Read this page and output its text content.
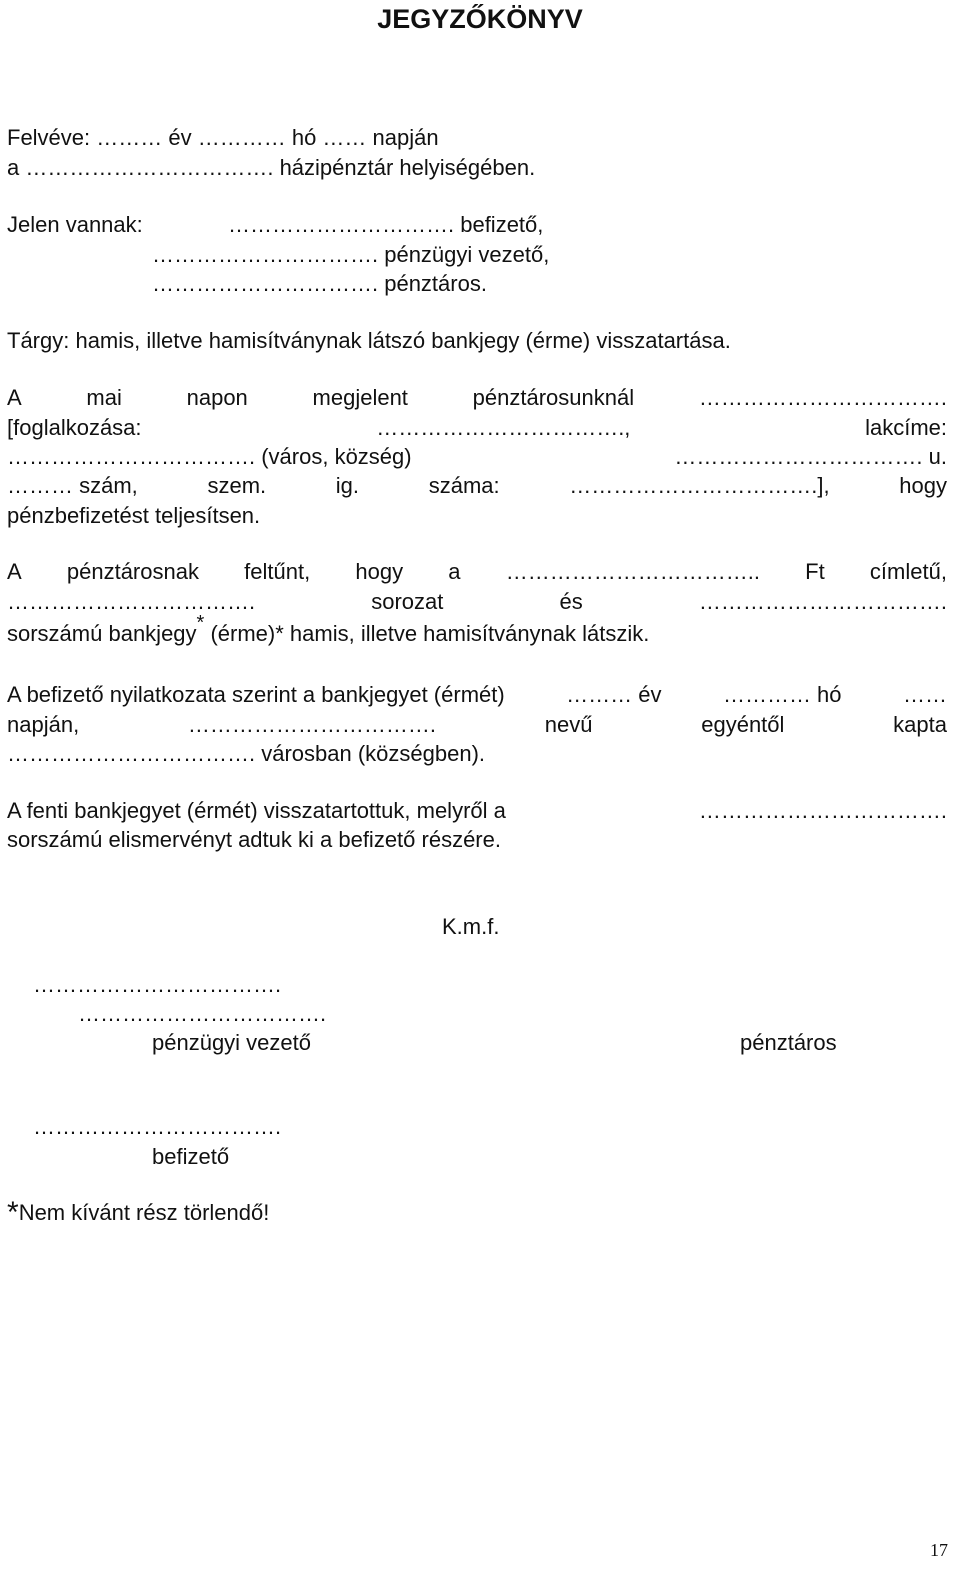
JEGYZŐKÖNYV
Felvéve: ……… év ………… hó …… napján
a ……………………………. házipénztár helyiségében.
Jelen vannak:	…………………………. befizető,
…………………………. pénzügyi vezető,
…………………………. pénztáros.
Tárgy: hamis, illetve hamisítványnak látszó bankjegy (érme) visszatartása.
A	mai	napon	megjelent	pénztárosunknál	…………………………….
[foglalkozása:	…………………………….,	lakcíme:
……………………………. (város, község)	……………………………. u.
……… szám,	szem.	ig.	száma:	…………………………….],	hogy
pénzbefizetést teljesítsen.
A pénztárosnak feltűnt, hogy a …………………………….. Ft címletű,
…………………………….	sorozat	és	…………………………….
sorszámú bankjegy* (érme)* hamis, illetve hamisítványnak látszik.
A befizető nyilatkozata szerint a bankjegyet (érmét)	……… év	………… hó	……
napján,	…………………………….	nevű	egyéntől	kapta
……………………………. városban (községben).
A fenti bankjegyet (érmét) visszatartottuk, melyről a	…………………………….
sorszámú elismervényt adtuk ki a befizető részére.
K.m.f.
…………………………….
…………………………….
pénzügyi vezető	pénztáros
…………………………….
befizető
*Nem kívánt rész törlendő!
17
